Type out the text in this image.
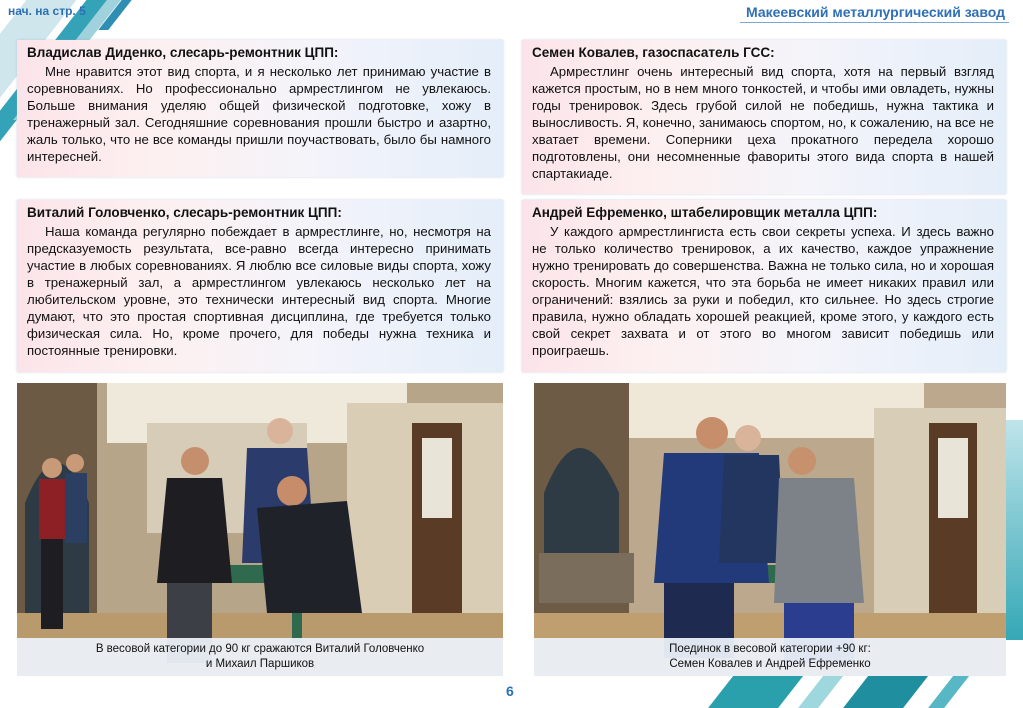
нач. на стр. 5	Макеевский металлургический завод
Владислав Диденко, слесарь-ремонтник ЦПП:

Мне нравится этот вид спорта, и я несколько лет принимаю участие в соревнованиях. Но профессионально армрестлингом не увлекаюсь. Больше внимания уделяю общей физической подготовке, хожу в тренажерный зал. Сегодняшние соревнования прошли быстро и азартно, жаль только, что не все команды пришли поучаствовать, было бы намного интересней.

Семен Ковалев, газоспасатель ГСС:

Армрестлинг очень интересный вид спорта, хотя на первый взгляд кажется простым, но в нем много тонкостей, и чтобы ими овладеть, нужны годы тренировок. Здесь грубой силой не победишь, нужна тактика и выносливость. Я, конечно, занимаюсь спортом, но, к сожалению, на все не хватает времени. Соперники цеха прокатного передела хорошо подготовлены, они несомненные фавориты этого вида спорта в нашей спартакиаде.

Виталий Головченко, слесарь-ремонтник ЦПП:

Наша команда регулярно побеждает в армрестлинге, но, несмотря на предсказуемость результата, все-равно всегда интересно принимать участие в любых соревнованиях. Я люблю все силовые виды спорта, хожу в тренажерный зал, а армрестлингом увлекаюсь несколько лет на любительском уровне, это технически интересный вид спорта. Многие думают, что это простая спортивная дисциплина, где требуется только физическая сила. Но, кроме прочего, для победы нужна техника и постоянные тренировки.

Андрей Ефременко, штабелировщик металла ЦПП:

У каждого армрестлингиста есть свои секреты успеха. И здесь важно не только количество тренировок, а их качество, каждое упражнение нужно тренировать до совершенства. Важна не только сила, но и хорошая скорость. Многим кажется, что эта борьба не имеет никаких правил или ограничений: взялись за руки и победил, кто сильнее. Но здесь строгие правила, нужно обладать хорошей реакцией, кроме этого, у каждого есть свой секрет захвата и от этого во многом зависит победишь или проиграешь.

В весовой категории до 90 кг сражаются Виталий Головченко
и Михаил Паршиков
Поединок в весовой категории +90 кг:
Семен Ковалев и Андрей Ефременко
6
